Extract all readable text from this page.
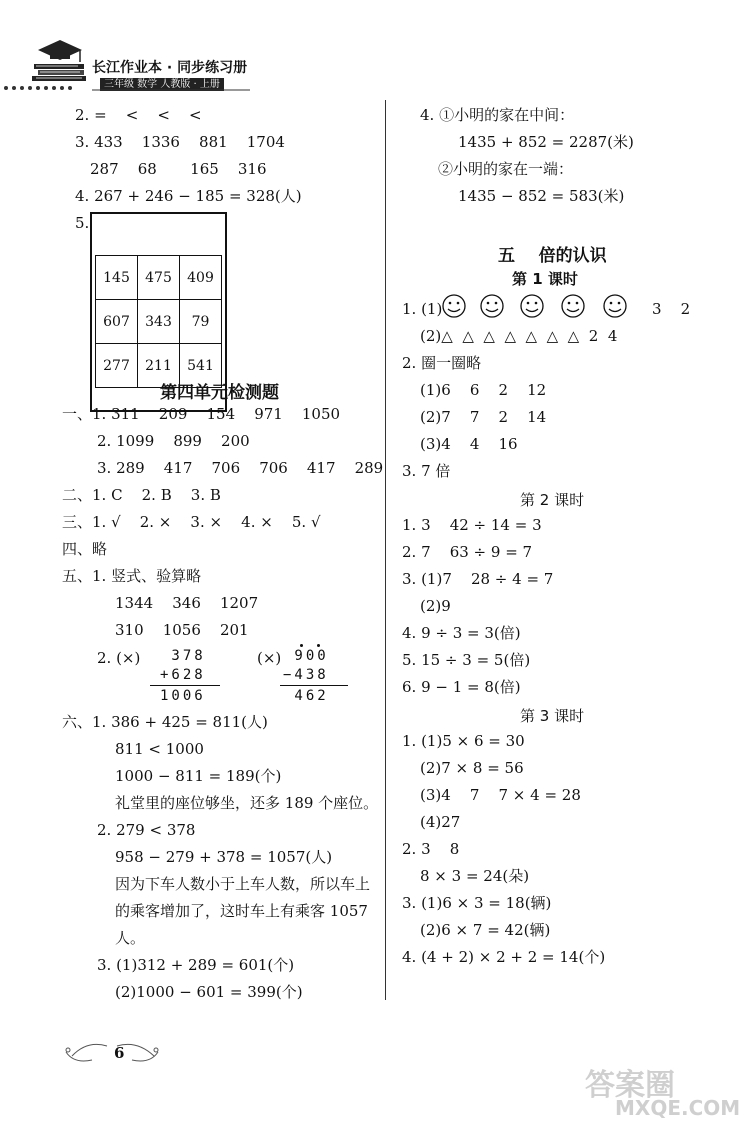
长江作业本 · 同步练习册
三年级 数学 人教版 · 上册
2. =    <    <    <
3. 433    1336    881    1704
287    68       165    316
4. 267 + 246 − 185 = 328(人)
5.

145	475	409
607	343	79
277	211	541

第四单元检测题
一、1. 311    209    154    971    1050
2. 1099    899    200
3. 289    417    706    706    417    289
二、1. C    2. B    3. B
三、1. √    2. ×    3. ×    4. ×    5. √
四、略
五、1. 竖式、验算略
1344    346    1207
310    1056    201
2. (×) 378
+628
1006
(×) 900
−438
462
六、1. 386 + 425 = 811(人)
811 < 1000
1000 − 811 = 189(个)
礼堂里的座位够坐，还多 189 个座位。
2. 279 < 378
958 − 279 + 378 = 1057(人)
因为下车人数小于上车人数，所以车上
的乘客增加了，这时车上有乘客 1057
人。
3. (1)312 + 289 = 601(个)
(2)1000 − 601 = 399(个)
4. ①小明的家在中间：
1435 + 852 = 2287(米)
②小明的家在一端：
1435 − 852 = 583(米)
五    倍的认识
第 1 课时
1. (1)	3    2
(2)△  △  △  △  △  △  △  2  4
2. 圈一圈略
(1)6    6    2    12
(2)7    7    2    14
(3)4    4    16
3. 7 倍
第 2 课时
1. 3    42 ÷ 14 = 3
2. 7    63 ÷ 9 = 7
3. (1)7    28 ÷ 4 = 7
(2)9
4. 9 ÷ 3 = 3(倍)
5. 15 ÷ 3 = 5(倍)
6. 9 − 1 = 8(倍)
第 3 课时
1. (1)5 × 6 = 30
(2)7 × 8 = 56
(3)4    7    7 × 4 = 28
(4)27
2. 3    8
8 × 3 = 24(朵)
3. (1)6 × 3 = 18(辆)
(2)6 × 7 = 42(辆)
4. (4 + 2) × 2 + 2 = 14(个)
6
答案圈
MXQE.COM
